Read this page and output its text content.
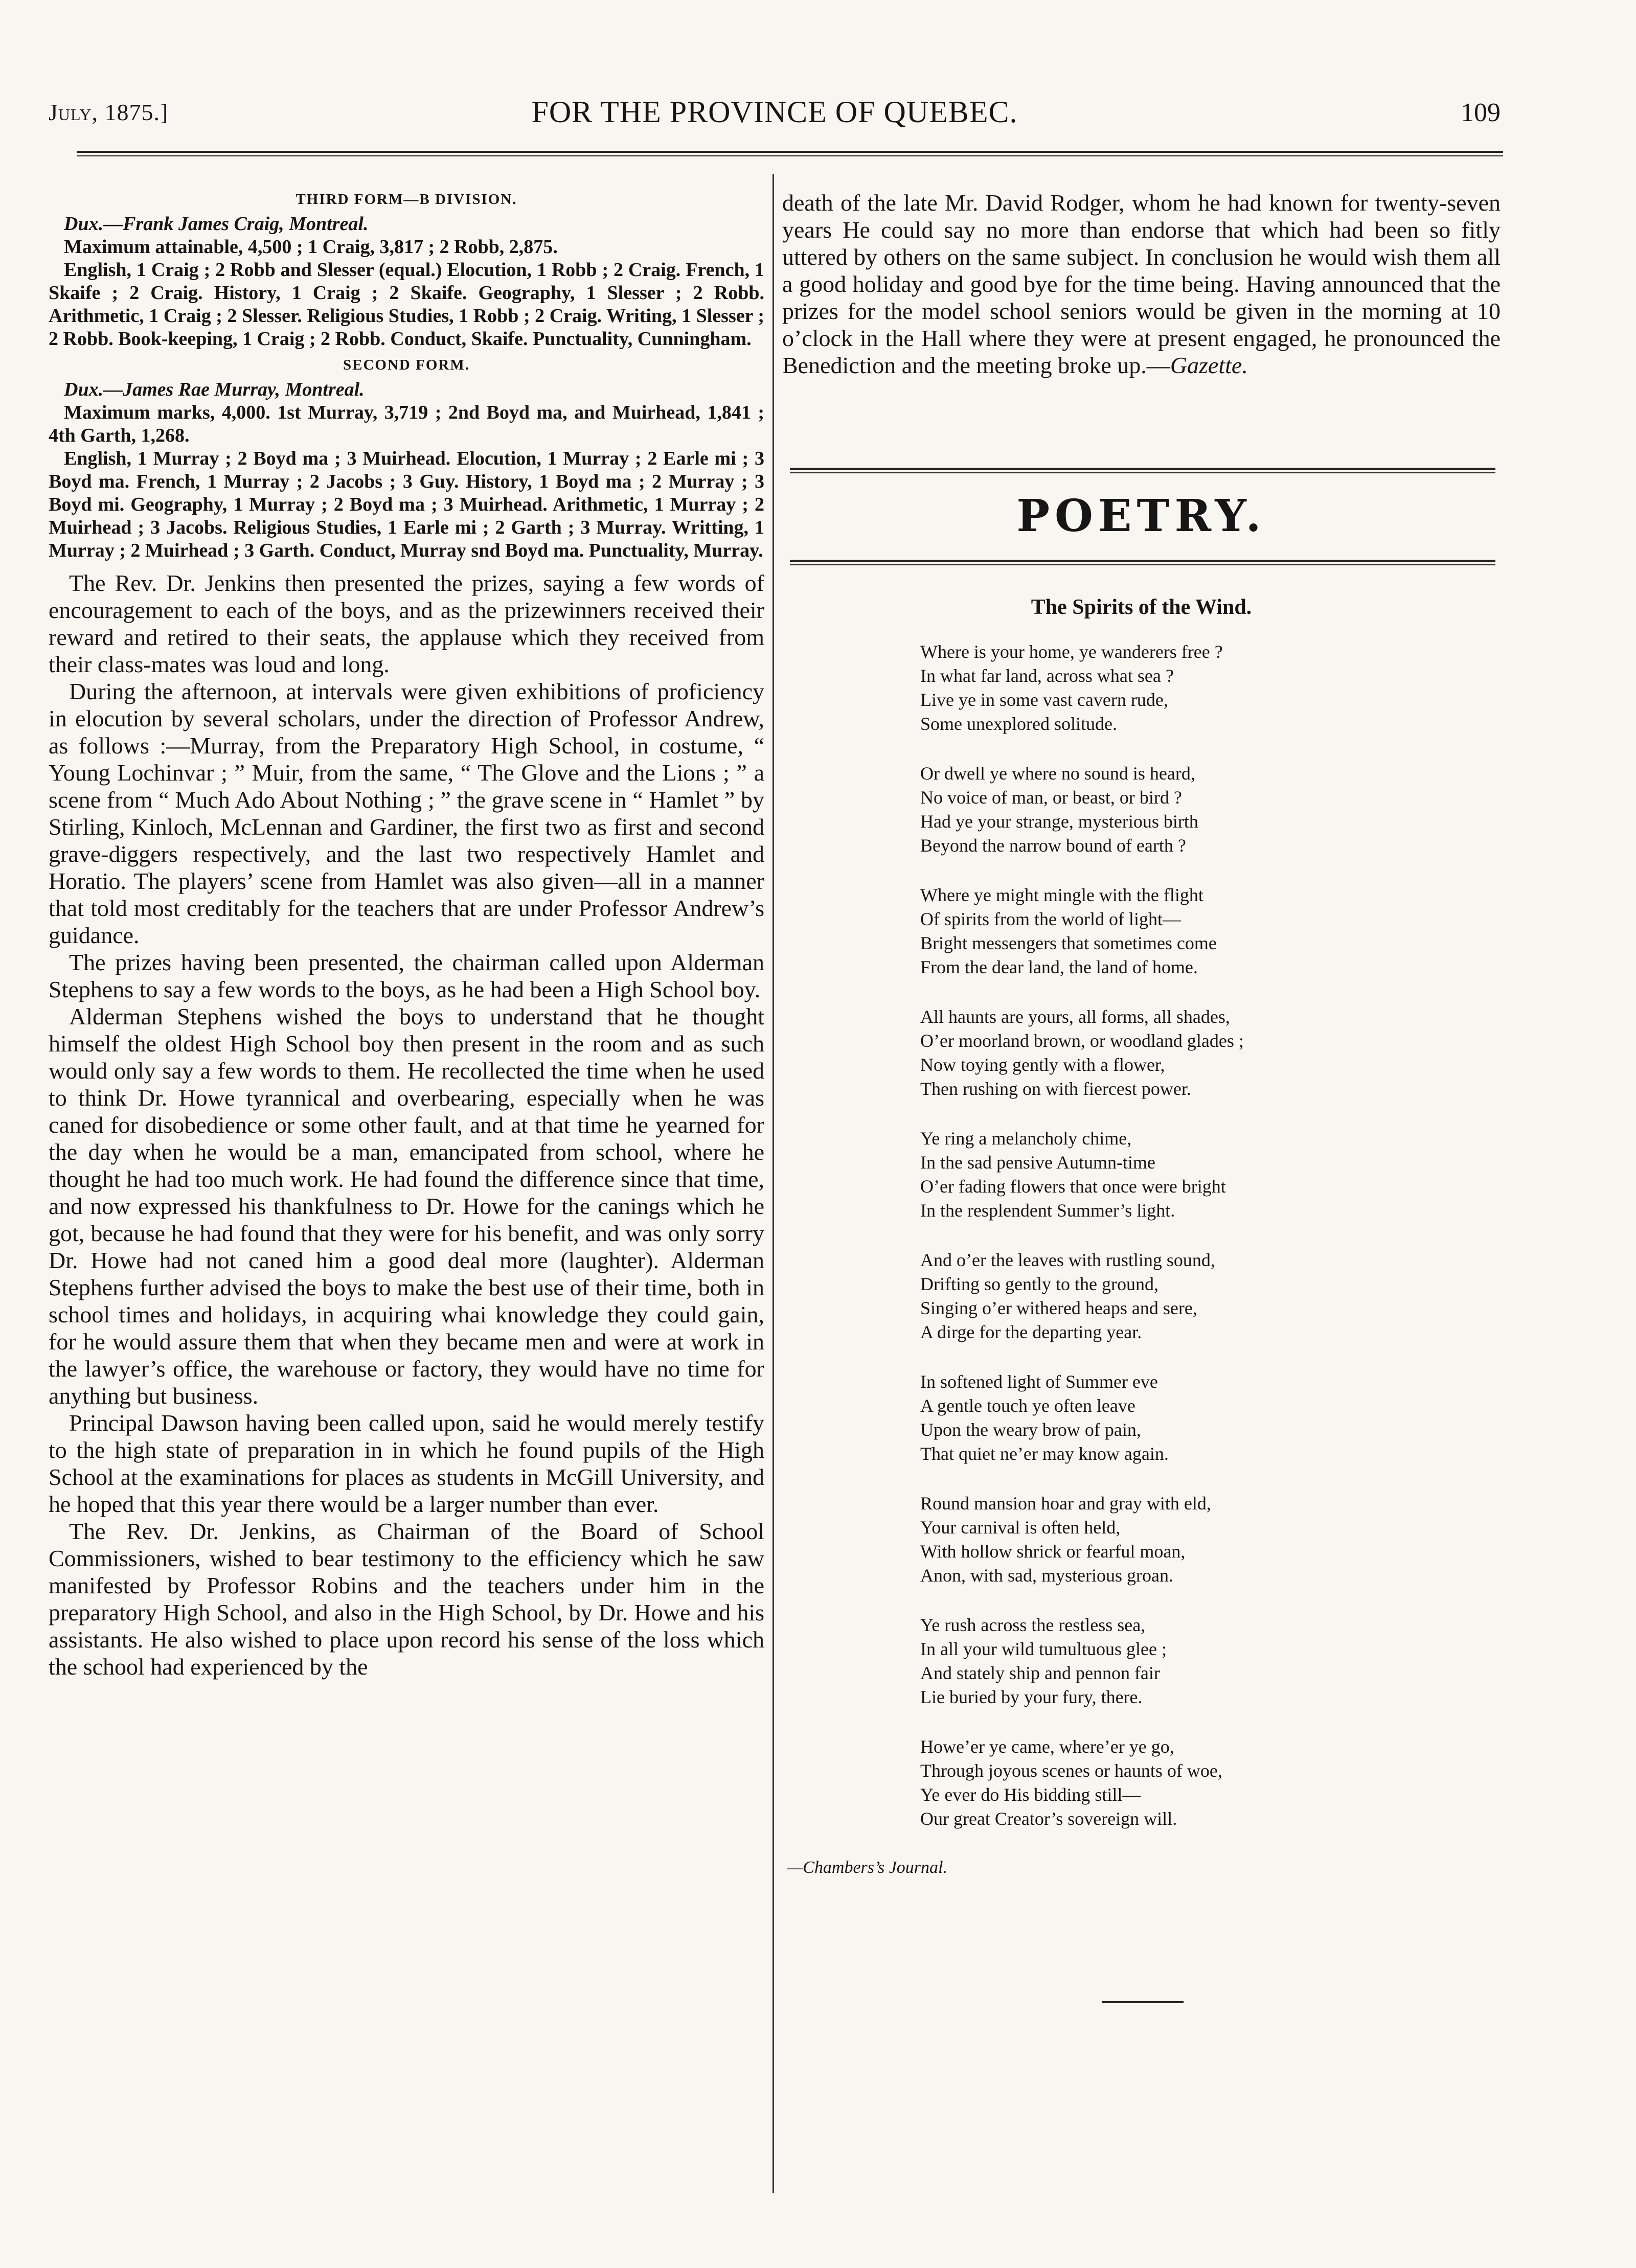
July, 1875.]	FOR THE PROVINCE OF QUEBEC.	109
THIRD FORM—B DIVISION.

Dux.—Frank James Craig, Montreal.

Maximum attainable, 4,500 ; 1 Craig, 3,817 ; 2 Robb, 2,875.

English, 1 Craig ; 2 Robb and Slesser (equal.) Elocution, 1 Robb ; 2 Craig. French, 1 Skaife ; 2 Craig. History, 1 Craig ; 2 Skaife. Geography, 1 Slesser ; 2 Robb. Arithmetic, 1 Craig ; 2 Slesser. Religious Studies, 1 Robb ; 2 Craig. Writing, 1 Slesser ; 2 Robb. Book-keeping, 1 Craig ; 2 Robb. Conduct, Skaife. Punctuality, Cunningham.

SECOND FORM.

Dux.—James Rae Murray, Montreal.

Maximum marks, 4,000. 1st Murray, 3,719 ; 2nd Boyd ma, and Muirhead, 1,841 ; 4th Garth, 1,268.

English, 1 Murray ; 2 Boyd ma ; 3 Muirhead. Elocution, 1 Murray ; 2 Earle mi ; 3 Boyd ma. French, 1 Murray ; 2 Jacobs ; 3 Guy. History, 1 Boyd ma ; 2 Murray ; 3 Boyd mi. Geography, 1 Murray ; 2 Boyd ma ; 3 Muirhead. Arithmetic, 1 Murray ; 2 Muirhead ; 3 Jacobs. Religious Studies, 1 Earle mi ; 2 Garth ; 3 Murray. Writting, 1 Murray ; 2 Muirhead ; 3 Garth. Conduct, Murray snd Boyd ma. Punctuality, Murray.

The Rev. Dr. Jenkins then presented the prizes, saying a few words of encouragement to each of the boys, and as the prizewinners received their reward and retired to their seats, the applause which they received from their class-mates was loud and long.

During the afternoon, at intervals were given exhibitions of proficiency in elocution by several scholars, under the direction of Professor Andrew, as follows :—Murray, from the Preparatory High School, in costume, “ Young Lochinvar ; ” Muir, from the same, “ The Glove and the Lions ; ” a scene from “ Much Ado About Nothing ; ” the grave scene in “ Hamlet ” by Stirling, Kinloch, McLennan and Gardiner, the first two as first and second grave-diggers respectively, and the last two respectively Hamlet and Horatio. The players’ scene from Hamlet was also given—all in a manner that told most creditably for the teachers that are under Professor Andrew’s guidance.

The prizes having been presented, the chairman called upon Alderman Stephens to say a few words to the boys, as he had been a High School boy.

Alderman Stephens wished the boys to understand that he thought himself the oldest High School boy then present in the room and as such would only say a few words to them. He recollected the time when he used to think Dr. Howe tyrannical and overbearing, especially when he was caned for disobedience or some other fault, and at that time he yearned for the day when he would be a man, emancipated from school, where he thought he had too much work. He had found the difference since that time, and now expressed his thankfulness to Dr. Howe for the canings which he got, because he had found that they were for his benefit, and was only sorry Dr. Howe had not caned him a good deal more (laughter). Alderman Stephens further advised the boys to make the best use of their time, both in school times and holidays, in acquiring whai knowledge they could gain, for he would assure them that when they became men and were at work in the lawyer’s office, the warehouse or factory, they would have no time for anything but business.

Principal Dawson having been called upon, said he would merely testify to the high state of preparation in in which he found pupils of the High School at the examinations for places as students in McGill University, and he hoped that this year there would be a larger number than ever.

The Rev. Dr. Jenkins, as Chairman of the Board of School Commissioners, wished to bear testimony to the efficiency which he saw manifested by Professor Robins and the teachers under him in the preparatory High School, and also in the High School, by Dr. Howe and his assistants. He also wished to place upon record his sense of the loss which the school had experienced by the

death of the late Mr. David Rodger, whom he had known for twenty-seven years He could say no more than endorse that which had been so fitly uttered by others on the same subject. In conclusion he would wish them all a good holiday and good bye for the time being. Having announced that the prizes for the model school seniors would be given in the morning at 10 o’clock in the Hall where they were at present engaged, he pronounced the Benediction and the meeting broke up.—Gazette.

POETRY.
The Spirits of the Wind.
Where is your home, ye wanderers free ?
In what far land, across what sea ?
Live ye in some vast cavern rude,
Some unexplored solitude.
Or dwell ye where no sound is heard,
No voice of man, or beast, or bird ?
Had ye your strange, mysterious birth
Beyond the narrow bound of earth ?
Where ye might mingle with the flight
Of spirits from the world of light—
Bright messengers that sometimes come
From the dear land, the land of home.
All haunts are yours, all forms, all shades,
O’er moorland brown, or woodland glades ;
Now toying gently with a flower,
Then rushing on with fiercest power.
Ye ring a melancholy chime,
In the sad pensive Autumn-time
O’er fading flowers that once were bright
In the resplendent Summer’s light.
And o’er the leaves with rustling sound,
Drifting so gently to the ground,
Singing o’er withered heaps and sere,
A dirge for the departing year.
In softened light of Summer eve
A gentle touch ye often leave
Upon the weary brow of pain,
That quiet ne’er may know again.
Round mansion hoar and gray with eld,
Your carnival is often held,
With hollow shrick or fearful moan,
Anon, with sad, mysterious groan.
Ye rush across the restless sea,
In all your wild tumultuous glee ;
And stately ship and pennon fair
Lie buried by your fury, there.
Howe’er ye came, where’er ye go,
Through joyous scenes or haunts of woe,
Ye ever do His bidding still—
Our great Creator’s sovereign will.
—Chambers’s Journal.
